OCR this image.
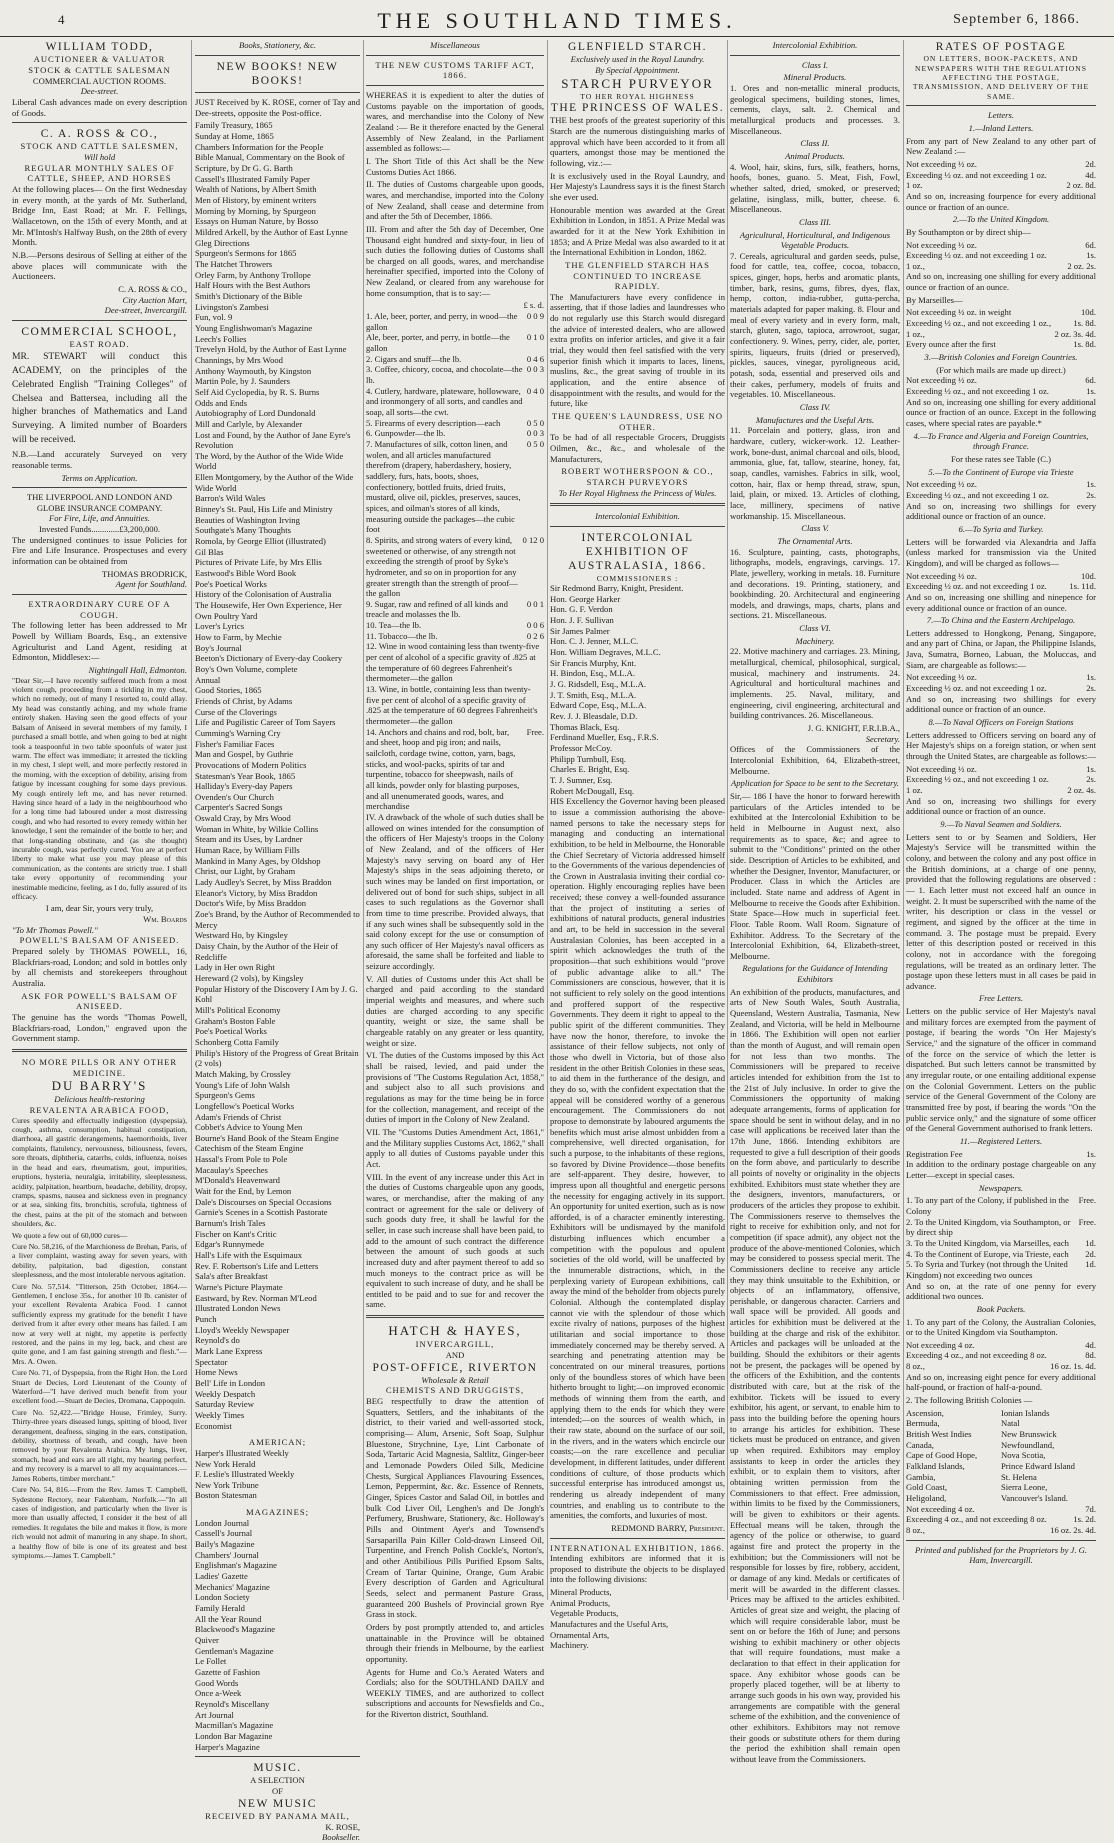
4	THE SOUTHLAND TIMES.	September 6, 1866.
WILLIAM TODD,
AUCTIONEER & VALUATOR
STOCK & CATTLE SALESMAN
COMMERCIAL AUCTION ROOMS.
Dee-street.

Liberal Cash advances made on every description of Goods.

C. A. ROSS & CO.,
STOCK AND CATTLE SALESMEN,
Will hold
REGULAR MONTHLY SALES OF CATTLE, SHEEP, AND HORSES

At the following places— On the first Wednesday in every month, at the yards of Mr. Sutherland, Bridge Inn, East Road; at Mr. F. Fellings, Wallacetown, on the 15th of every Month, and at Mr. M'Intosh's Halfway Bush, on the 28th of every Month.

N.B.—Persons desirous of Selling at either of the above places will communicate with the Auctioneers.

C. A. ROSS & CO.,
City Auction Mart,
Dee-street, Invercargill.
COMMERCIAL SCHOOL,
EAST ROAD.

MR. STEWART will conduct this ACADEMY, on the principles of the Celebrated English "Training Colleges" of Chelsea and Battersea, including all the higher branches of Mathematics and Land Surveying. A limited number of Boarders will be received.

N.B.—Land accurately Surveyed on very reasonable terms.

Terms on Application.
THE LIVERPOOL AND LONDON AND GLOBE INSURANCE COMPANY.
For Fire, Life, and Annuities.
Invested Funds.............£3,200,000.

The undersigned continues to issue Policies for Fire and Life Insurance. Prospectuses and every information can be obtained from

THOMAS BRODRICK,
Agent for Southland.
EXTRAORDINARY CURE OF A COUGH.

The following letter has been addressed to Mr Powell by William Boards, Esq., an extensive Agriculturist and Land Agent, residing at Edmonton, Middlesex:—

Nightingall Hall, Edmonton.

"Dear Sir,—I have recently suffered much from a most violent cough, proceeding from a tickling in my chest, which no remedy, out of many I resorted to, could allay. My head was constantly aching, and my whole frame entirely shaken. Having seen the good effects of your Balsam of Aniseed in several members of my family, I purchased a small bottle, and when going to bed at night took a teaspoonful in two table spoonfuls of water just warm. The effect was immediate; it arrested the tickling in my chest, I slept well, and more perfectly restored in the morning, with the exception of debility, arising from fatigue by incessant coughing for some days previous. My cough entirely left me, and has never returned. Having since heard of a lady in the neighbourhood who for a long time had laboured under a most distressing cough, and who had resorted to every remedy within her knowledge, I sent the remainder of the bottle to her; and that long-standing obstinate, and (as she thought) incurable cough, was perfectly cured. You are at perfect liberty to make what use you may please of this communication, as the contents are strictly true. I shall take every opportunity of recommending your inestimable medicine, feeling, as I do, fully assured of its efficacy.

I am, dear Sir, yours very truly,
Wm. Boards
"To Mr Thomas Powell."
POWELL'S BALSAM OF ANISEED.

Prepared solely by THOMAS POWELL, 16, Blackfriars-road, London; and sold in bottles only by all chemists and storekeepers throughout Australia.

ASK FOR POWELL'S BALSAM OF ANISEED.

The genuine has the words "Thomas Powell, Blackfriars-road, London," engraved upon the Government stamp.

NO MORE PILLS OR ANY OTHER MEDICINE.
DU BARRY'S
Delicious health-restoring
REVALENTA ARABICA FOOD,

Cures speedily and effectually indigestion (dyspepsia), cough, asthma, consumption, habitual constipation, diarrhoea, all gastric derangements, haemorrhoids, liver complaints, flatulency, nervousness, biliousness, fevers, sore throats, diphtheria, catarrhs, colds, influenza, noises in the head and ears, rheumatism, gout, impurities, eruptions, hysteria, neuralgia, irritability, sleeplessness, acidity, palpitation, heartburn, headache, debility, dropsy, cramps, spasms, nausea and sickness even in pregnancy or at sea, sinking fits, bronchitis, scrofula, tightness of the chest, pains at the pit of the stomach and between shoulders, &c.

We quote a few out of 60,000 cures—

Cure No. 58,216, of the Marchioness de Brehan, Paris, of a liver complaint, wasting away for seven years, with debility, palpitation, bad digestion, constant sleeplessness, and the most intolerable nervous agitation.

Cure No. 57,514. "Titterson, 25th October, 1864.—Gentlemen, I enclose 35s., for another 10 lb. canister of your excellent Revalenta Arabica Food. I cannot sufficiently express my gratitude for the benefit I have derived from it after every other means has failed. I am now at very well at night, my appetite is perfectly restored, and the pains in my leg, back, and chest are quite gone, and I am fast gaining strength and flesh."—Mrs. A. Owen.

Cure No. 71, of Dyspepsia, from the Right Hon. the Lord Stuart de Decies, Lord Lieutenant of the County of Waterford—"I have derived much benefit from your excellent food.—Stuart de Decies, Dromana, Cappoquin.

Cure No. 52,422.—"Bridge House, Frimley, Surry. Thirty-three years diseased lungs, spitting of blood, liver derangement, deafness, singing in the ears, constipation, debility, shortness of breath, and cough, have been removed by your Revalenta Arabica. My lungs, liver, stomach, head and ears are all right, my hearing perfect, and my recovery is a marvel to all my acquaintances.—James Roberts, timber merchant."

Cure No. 54, 816.—From the Rev. James T. Campbell, Sydestone Rectory, near Fakenham, Norfolk.—"In all cases of indigestion, and particularly when the liver is more than usually affected, I consider it the best of all remedies. It regulates the bile and makes it flow, is more rich would not admit of manuring in any shape. In short, a healthy flow of bile is one of its greatest and best symptoms.—James T. Campbell."

Books, Stationery, &c.
NEW BOOKS! NEW BOOKS!

JUST Received by K. ROSE, corner of Tay and Dee-streets, opposite the Post-office.

Family Treasury, 1865
Sunday at Home, 1865
Chambers Information for the People
Bible Manual, Commentary on the Book of Scripture, by Dr G. G. Barth
Cassell's Illustrated Family Paper
Wealth of Nations, by Albert Smith
Men of History, by eminent writers
Morning by Morning, by Spurgeon
Essays on Human Nature, by Bosso
Mildred Arkell, by the Author of East Lynne
Gleg Directions
Spurgeon's Sermons for 1865
The Hatchet Throwers
Orley Farm, by Anthony Trollope
Half Hours with the Best Authors
Smith's Dictionary of the Bible
Livingston's Zambesi
Fun, vol. 9
Young Englishwoman's Magazine
Leech's Follies
Trevelyn Hold, by the Author of East Lynne
Channings, by Mrs Wood
Anthony Waymouth, by Kingston
Martin Pole, by J. Saunders
Self Aid Cyclopedia, by R. S. Burns
Odds and Ends
Autobiography of Lord Dundonald
Mill and Carlyle, by Alexander
Lost and Found, by the Author of Jane Eyre's Revolution
The Word, by the Author of the Wide Wide World
Ellen Montgomery, by the Author of the Wide Wide World
Barron's Wild Wales
Binney's St. Paul, His Life and Ministry
Beauties of Washington Irving
Southgate's Many Thoughts
Romola, by George Elliot (illustrated)
Gil Blas
Pictures of Private Life, by Mrs Ellis
Eastwood's Bible Word Book
Poe's Poetical Works
History of the Colonisation of Australia
The Housewife, Her Own Experience, Her Own Poultry Yard
Lover's Lyrics
How to Farm, by Mechie
Boy's Journal
Beeton's Dictionary of Every-day Cookery
Boy's Own Volume, complete
Annual
Good Stories, 1865
Friends of Christ, by Adams
Curse of the Cloverings
Life and Pugilistic Career of Tom Sayers
Cumming's Warning Cry
Fisher's Familiar Faces
Man and Gospel, by Guthrie
Provocations of Modern Politics
Statesman's Year Book, 1865
Halliday's Every-day Papers
Ovenden's Our Church
Carpenter's Sacred Songs
Oswald Cray, by Mrs Wood
Woman in White, by Wilkie Collins
Steam and its Uses, by Lardner
Human Race, by William Fills
Mankind in Many Ages, by Oldshop
Christ, our Light, by Graham
Lady Audley's Secret, by Miss Braddon
Eleanor's Victory, by Miss Braddon
Doctor's Wife, by Miss Braddon
Zoe's Brand, by the Author of Recommended to Mercy
Westward Ho, by Kingsley
Daisy Chain, by the Author of the Heir of Redcliffe
Lady in Her own Right
Hereward (2 vols), by Kingsley
Popular History of the Discovery I Am by J. G. Kohl
Mill's Political Economy
Graham's Boston Fable
Poe's Poetical Works
Schonberg Cotta Family
Philip's History of the Progress of Great Britain (2 vols)
Match Making, by Crossley
Young's Life of John Walsh
Spurgeon's Gems
Longfellow's Poetical Works
Adam's Friends of Christ
Cobbet's Advice to Young Men
Bourne's Hand Book of the Steam Engine
Catechism of the Steam Engine
Hassal's From Pole to Pole
Macaulay's Speeches
M'Donald's Heavenward
Wait for the End, by Lemon
Dale's Discourses on Special Occasions
Garnie's Scenes in a Scottish Pastorate
Barnum's Irish Tales
Fischer on Kant's Critic
Edgar's Runnymede
Hall's Life with the Esquimaux
Rev. F. Robertson's Life and Letters
Sala's after Breakfast
Warne's Picture Playmate
Eastward, by Rev. Norman M'Leod
Illustrated London News
Punch
Lloyd's Weekly Newspaper
Reynold's do
Mark Lane Express
Spectator
Home News
Bell' Life in London
Weekly Despatch
Saturday Review
Weekly Times
Economist
AMERICAN;
Harper's Illustrated Weekly
New York Herald
F. Leslie's Illustrated Weekly
New York Tribune
Boston Statesman
MAGAZINES;
London Journal
Cassell's Journal
Baily's Magazine
Chambers' Journal
Englishman's Magazine
Ladies' Gazette
Mechanics' Magazine
London Society
Family Herald
All the Year Round
Blackwood's Magazine
Quiver
Gentleman's Magazine
Le Follet
Gazette of Fashion
Good Words
Once a-Week
Reynold's Miscellany
Art Journal
Macmillan's Magazine
London Bar Magazine
Harper's Magazine
MUSIC.
A SELECTION
OF
NEW MUSIC
RECEIVED BY PANAMA MAIL,
K. ROSE,
Bookseller.
Miscellaneous
THE NEW CUSTOMS TARIFF ACT, 1866.

WHEREAS it is expedient to alter the duties of Customs payable on the importation of goods, wares, and merchandise into the Colony of New Zealand :— Be it therefore enacted by the General Assembly of New Zealand, in the Parliament assembled as follows:—

I. The Short Title of this Act shall be the New Customs Duties Act 1866.

II. The duties of Customs chargeable upon goods, wares, and merchandise, imported into the Colony of New Zealand, shall cease and determine from and after the 5th of December, 1866.

III. From and after the 5th day of December, One Thousand eight hundred and sixty-four, in lieu of such duties the following duties of Customs shall be charged on all goods, wares, and merchandise hereinafter specified, imported into the Colony of New Zealand, or cleared from any warehouse for home consumption, that is to say:—

£ s. d.
1. Ale, beer, porter, and perry, in wood—the gallon
0 0 9
Ale, beer, porter, and perry, in bottle—the gallon
0 1 0
2. Cigars and snuff—the lb.	0 4 6
3. Coffee, chicory, cocoa, and chocolate—the lb.
0 0 3
4. Cutlery, hardware, plateware, hollowware, and ironmongery of all sorts, and candles and soap, all sorts—the cwt.
0 4 0
5. Firearms of every description—each	0 5 0
6. Gunpowder—the lb.	0 0 3
7. Manufactures of silk, cotton linen, and wolen, and all articles manufactured therefrom (drapery, haberdashery, hosiery, saddlery, furs, hats, boots, shoes, confectionery, bottled fruits, dried fruits, mustard, olive oil, pickles, preserves, sauces, spices, and oilman's stores of all kinds, measuring outside the packages—the cubic foot
0 5 0
8. Spirits, and strong waters of every kind, sweetened or otherwise, of any strength not exceeding the strength of proof by Syke's hydrometer, and so on in proportion for any greater strength than the strength of proof—the gallon
0 12 0
9. Sugar, raw and refined of all kinds and treacle and molasses the lb.
0 0 1
10. Tea—the lb.	0 0 6
11. Tobacco—the lb.	0 2 6
12. Wine in wood containing less than twenty-five per cent of alcohol of a specific gravity of .825 at the temperature of 60 degrees Fahrenheit's thermometer—the gallon
13. Wine, in bottle, containing less than twenty-five per cent of alcohol of a specific gravity of .825 at the temperature of 60 degrees Fahrenheit's thermometer—the gallon
14. Anchors and chains and rod, bolt, bar, and sheet, hoop and pig iron; and nails, sailcloth, cordage twine, cotton, yarn, bags, sticks, and wool-packs, spirits of tar and turpentine, tobacco for sheepwash, nails of all kinds, powder only for blasting purposes, and all unenumerated goods, wares, and merchandise
Free.

IV. A drawback of the whole of such duties shall be allowed on wines intended for the consumption of the officers of Her Majesty's troops in the Colony of New Zealand, and of the officers of Her Majesty's navy serving on board any of Her Majesty's ships in the seas adjoining thereto, or such wines may be landed on first importation, or delivered out of bond for such ships, subject in all cases to such regulations as the Governor shall from time to time prescribe. Provided always, that if any such wines shall be subsequently sold in the said colony except for the use or consumption of any such officer of Her Majesty's naval officers as aforesaid, the same shall be forfeited and liable to seizure accordingly.

V. All duties of Customs under this Act shall be charged and paid according to the standard imperial weights and measures, and where such duties are charged according to any specific quantity, weight or size, the same shall be chargeable ratably on any greater or less quantity, weight or size.

VI. The duties of the Customs imposed by this Act shall be raised, levied, and paid under the provisions of "The Customs Regulation Act, 1858," and subject also to all such provisions and regulations as may for the time being be in force for the collection, management, and receipt of the duties of import in the Colony of New Zealand.

VII. The "Customs Duties Amendment Act, 1861," and the Military supplies Customs Act, 1862," shall apply to all duties of Customs payable under this Act.

VIII. In the event of any increase under this Act in the duties of Customs chargeable upon any goods, wares, or merchandise, after the making of any contract or agreement for the sale or delivery of such goods duty free, it shall be lawful for the seller, in case such increase shall have been paid, to add to the amount of such contract the difference between the amount of such goods at such increased duty and after payment thereof to add so much moneys to the contract price as will be equivalent to such increase of duty, and he shall be entitled to be paid and to sue for and recover the same.

HATCH & HAYES,
INVERCARGILL,
AND
POST-OFFICE, RIVERTON
Wholesale & Retail
CHEMISTS AND DRUGGISTS,

BEG respectfully to draw the attention of Squatters, Settlers, and the inhabitants of the district, to their varied and well-assorted stock, comprising— Alum, Arsenic, Soft Soap, Sulphur Bluestone, Strychnine, Lye, Lint Carbonate of Soda, Tartaric Acid Magnesia, Saltlitz, Ginger-beer and Lemonade Powders Oiled Silk, Medicine Chests, Surgical Appliances Flavouring Essences, Lemon, Peppermint, &c. &c. Essence of Rennets, Ginger, Spices Castor and Salad Oil, in bottles and bulk Cod Liver Oil, Lenghen's and De Jongh's Perfumery, Brushware, Stationery, &c. Holloway's Pills and Ointment Ayer's and Townsend's Sarsaparilla Pain Killer Cold-drawn Linseed Oil, Turpentine, and French Polish Cockle's, Norton's, and other Antibilious Pills Purified Epsom Salts, Cream of Tartar Quinine, Orange, Gum Arabic Every description of Garden and Agricultural Seeds, select and permanent Pasture Grass, guaranteed 200 Bushels of Provincial grown Rye Grass in stock.

Orders by post promptly attended to, and articles unattainable in the Province will be obtained through their friends in Melbourne, by the earliest opportunity.

Agents for Hume and Co.'s Aerated Waters and Cordials; also for the SOUTHLAND DAILY and WEEKLY TIMES, and are authorized to collect subscriptions and accounts for Newsfields and Co., for the Riverton district, Southland.

GLENFIELD STARCH.
Exclusively used in the Royal Laundry.
By Special Appointment.
STARCH PURVEYOR
TO HER ROYAL HIGHNESS
THE PRINCESS OF WALES.

THE best proofs of the greatest superiority of this Starch are the numerous distinguishing marks of approval which have been accorded to it from all quarters, amongst those may be mentioned the following, viz.:—

It is exclusively used in the Royal Laundry, and Her Majesty's Laundress says it is the finest Starch she ever used.

Honourable mention was awarded at the Great Exhibition in London, in 1851. A Prize Medal was awarded for it at the New York Exhibition in 1853; and A Prize Medal was also awarded to it at the International Exhibition in London, 1862.

THE GLENFIELD STARCH HAS CONTINUED TO INCREASE RAPIDLY.

The Manufacturers have every confidence in asserting, that if those ladies and laundresses who do not regularly use this Starch would disregard the advice of interested dealers, who are allowed extra profits on inferior articles, and give it a fair trial, they would then feel satisfied with the very superior finish which it imparts to laces, linens, muslins, &c., the great saving of trouble in its application, and the entire absence of disappointment with the results, and would for the future, like

THE QUEEN'S LAUNDRESS, USE NO OTHER.

To be had of all respectable Grocers, Druggists Oilmen, &c., &c., and wholesale of the Manufacturers,

ROBERT WOTHERSPOON & CO., STARCH PURVEYORS
To Her Royal Highness the Princess of Wales.
Intercolonial Exhibition.
INTERCOLONIAL EXHIBITION OF AUSTRALASIA, 1866.
COMMISSIONERS :
Sir Redmond Barry, Knight, President.
Hon. George Harker
Hon. G. F. Verdon
Hon. J. F. Sullivan
Sir James Palmer
Hon. C. J. Jenner, M.L.C.
Hon. William Degraves, M.L.C.
Sir Francis Murphy, Knt.
H. Bindon, Esq., M.L.A.
J. G. Ridsdell, Esq., M.L.A.
J. T. Smith, Esq., M.L.A.
Edward Cope, Esq., M.L.A.
Rev. J. J. Bleasdale, D.D.
Thomas Black, Esq.
Ferdinand Mueller, Esq., F.R.S.
Professor McCoy.
Philipp Turnbull, Esq.
Charles E. Bright, Esq.
T. J. Sumner, Esq.
Robert McDougall, Esq.

HIS Excellency the Governor having been pleased to issue a commission authorising the above-named persons to take the necessary steps for managing and conducting an international exhibition, to be held in Melbourne, the Honorable the Chief Secretary of Victoria addressed himself to the Governments of the various dependencies of the Crown in Australasia inviting their cordial co-operation. Highly encouraging replies have been received; these convey a well-founded assurance that the project of instituting a series of exhibitions of natural products, general industries and art, to be held in succession in the several Australasian Colonies, has been accepted in a spirit which acknowledges the truth of the proposition—that such exhibitions would "prove of public advantage alike to all." The Commissioners are conscious, however, that it is not sufficient to rely solely on the good intentions and proffered support of the respective Governments. They deem it right to appeal to the public spirit of the different communities. They have now the honor, therefore, to invoke the assistance of their fellow subjects, not only of those who dwell in Victoria, but of those also resident in the other British Colonies in these seas, to aid them in the furtherance of the design, and they do so, with the confident expectation that the appeal will be considered worthy of a generous encouragement. The Commissioners do not propose to demonstrate by laboured arguments the benefits which must arise almost unbidden from a comprehensive, well directed organisation, for such a purpose, to the inhabitants of these regions, so favored by Divine Providence—those benefits are self-apparent. They desire, however, to impress upon all thoughtful and energetic persons the necessity for engaging actively in its support. An opportunity for united exertion, such as is now afforded, is of a character eminently interesting. Exhibitors will be undismayed by the manifold disturbing influences which encumber a competition with the populous and opulent societies of the old world, will be unaffected by the innumerable distractions, which, in the perplexing variety of European exhibitions, call away the mind of the beholder from objects purely Colonial. Although the contemplated display cannot vie with the splendour of those which excite rivalry of nations, purposes of the highest utilitarian and social importance to those immediately concerned may be thereby served. A searching and penetrating attention may be concentrated on our mineral treasures, portions only of the boundless stores of which have been hitherto brought to light;—on improved economic methods of winning them from the earth, and applying them to the ends for which they were intended;—on the sources of wealth which, in their raw state, abound on the surface of our soil, in the rivers, and in the waters which encircle our coasts;—on the rare excellence and peculiar development, in different latitudes, under different conditions of culture, of those products which successful enterprise has introduced amongst us, rendering us already independent of many countries, and enabling us to contribute to the amenities, the comforts, and luxuries of most.

REDMOND BARRY, President.
INTERNATIONAL EXHIBITION, 1866.

Intending exhibitors are informed that it is proposed to distribute the objects to be displayed into the following divisions:

Mineral Products,
Animal Products,
Vegetable Products,
Manufactures and the Useful Arts,
Ornamental Arts,
Machinery.
Intercolonial Exhibition.
Class I.
Mineral Products.

1. Ores and non-metallic mineral products, geological specimens, building stones, limes, cements, clays, salt. 2. Chemical and metallurgical products and processes. 3. Miscellaneous.

Class II.
Animal Products.

4. Wool, hair, skins, furs, silk, feathers, horns, hoofs, bones, guano. 5. Meat, Fish, Fowl, whether salted, dried, smoked, or preserved; gelatine, isinglass, milk, butter, cheese. 6. Miscellaneous.

Class III.
Agricultural, Horticultural, and Indigenous Vegetable Products.

7. Cereals, agricultural and garden seeds, pulse, food for cattle, tea, coffee, cocoa, tobacco, spices, ginger, hops, herbs and aromatic plants, timber, bark, resins, gums, fibres, dyes, flax, hemp, cotton, india-rubber, gutta-percha, materials adapted for paper making. 8. Flour and meal of every variety and in every form, malt, starch, gluten, sago, tapioca, arrowroot, sugar, confectionery. 9. Wines, perry, cider, ale, porter, spirits, liqueurs, fruits (dried or preserved), pickles, sauces, vinegar, pyroligneous acid, potash, soda, essential and preserved oils and their cakes, perfumery, models of fruits and vegetables. 10. Miscellaneous.

Class IV.
Manufactures and the Useful Arts.

11. Porcelain and pottery, glass, iron and hardware, cutlery, wicker-work. 12. Leather-work, bone-dust, animal charcoal and oils, blood, ammonia, glue, fat, tallow, stearine, honey, fat, soap, candles, varnishes. Fabrics in silk, wool, cotton, hair, flax or hemp thread, straw, spun, laid, plain, or mixed. 13. Articles of clothing, lace, millinery, specimens of native workmanship. 15. Miscellaneous.

Class V.
The Ornamental Arts.

16. Sculpture, painting, casts, photographs, lithographs, models, engravings, carvings. 17. Plate, jewellery, working in metals. 18. Furniture and decorations. 19. Printing, stationery, and bookbinding. 20. Architectural and engineering models, and drawings, maps, charts, plans and sections. 21. Miscellaneous.

Class VI.
Machinery.

22. Motive machinery and carriages. 23. Mining, metallurgical, chemical, philosophical, surgical, musical, machinery and instruments. 24. Agricultural and horticultural machines and implements. 25. Naval, military, and engineering, civil engineering, architectural and building contrivances. 26. Miscellaneous.

J. G. KNIGHT, F.R.I.B.A.,
Secretary.

Offices of the Commissioners of the Intercolonial Exhibition, 64, Elizabeth-street, Melbourne.

Application for Space to be sent to the Secretary.

Sir,— 186 I have the honor to forward herewith particulars of the Articles intended to be exhibited at the Intercolonial Exhibition to be held in Melbourne in August next, also requirements as to space, &c; and agree to submit to the "Conditions" printed on the other side. Description of Articles to be exhibited, and whether the Designer, Inventor, Manufacturer, or Producer. Class in which the Articles are included. State name and address of Agent in Melbourne to receive the Goods after Exhibition. State Space—How much in superficial feet. Floor. Table Room. Wall Room. Signature of Exhibitor. Address. To the Secretary of the Intercolonial Exhibition, 64, Elizabeth-street, Melbourne.

Regulations for the Guidance of Intending Exhibitors

An exhibition of the products, manufactures, and arts of New South Wales, South Australia, Queensland, Western Australia, Tasmania, New Zealand, and Victoria, will be held in Melbourne in 1866. The Exhibition will open not earlier than the month of August, and will remain open for not less than two months. The Commissioners will be prepared to receive articles intended for exhibition from the 1st to the 21st of July inclusive. In order to give the Commissioners the opportunity of making adequate arrangements, forms of application for space should be sent in without delay, and in no case will applications be received later than the 17th June, 1866. Intending exhibitors are requested to give a full description of their goods on the form above, and particularly to describe all points of novelty or originality in the objects exhibited. Exhibitors must state whether they are the designers, inventors, manufacturers, or producers of the articles they propose to exhibit. The Commissioners reserve to themselves the right to receive for exhibition only, and not for competition (if space admit), any object not the produce of the above-mentioned Colonies, which may be considered to possess special merit. The Commissioners decline to receive any article they may think unsuitable to the Exhibition, or objects of an inflammatory, offensive, perishable, or dangerous character. Carriers and wall space will be provided. All goods and articles for exhibition must be delivered at the building at the charge and risk of the exhibitor. Articles and packages will be unloaded at the building. Should the exhibitors or their agents not be present, the packages will be opened by the officers of the Exhibition, and the contents distributed with care, but at the risk of the exhibitor. Tickets will be issued to every exhibitor, his agent, or servant, to enable him to pass into the building before the opening hours to arrange his articles for exhibition. These tickets must be produced on entrance, and given up when required. Exhibitors may employ assistants to keep in order the articles they exhibit, or to explain them to visitors, after obtaining written permission from the Commissioners to that effect. Free admission, within limits to be fixed by the Commissioners, will be given to exhibitors or their agents. Effectual means will be taken, through the agency of the police or otherwise, to guard against fire and protect the property in the exhibition; but the Commissioners will not be responsible for losses by fire, robbery, accident, or damage of any kind. Medals or certificates of merit will be awarded in the different classes. Prices may be affixed to the articles exhibited. Articles of great size and weight, the placing of which will require considerable labor, must be sent on or before the 16th of June; and persons wishing to exhibit machinery or other objects that will require foundations, must make a declaration to that effect in their application for space. Any exhibitor whose goods can be properly placed together, will be at liberty to arrange such goods in his own way, provided his arrangements are compatible with the general scheme of the exhibition, and the convenience of other exhibitors. Exhibitors may not remove their goods or substitute others for them during the period the exhibition shall remain open without leave from the Commissioners.

RATES OF POSTAGE
ON LETTERS, BOOK-PACKETS, AND NEWSPAPERS WITH THE REGULATIONS AFFECTING THE POSTAGE, TRANSMISSION, AND DELIVERY OF THE SAME.
Letters.
1.—Inland Letters.

From any part of New Zealand to any other part of New Zealand :—

Not exceeding ½ oz.	2d.
Exceeding ½ oz. and not exceeding 1 oz.	4d.
1 oz.	2 oz. 8d.

And so on, increasing fourpence for every additional ounce or fraction of an ounce.

2.—To the United Kingdom.

By Southampton or by direct ship—

Not exceeding ½ oz.	6d.
Exceeding ½ oz. and not exceeding 1 oz.	1s.
1 oz.,	2 oz. 2s.

And so on, increasing one shilling for every additional ounce or fraction of an ounce.

By Marseilles—

Not exceeding ½ oz. in weight	10d.
Exceeding ½ oz., and not exceeding 1 oz.,	1s. 8d.
1 oz.,	2 oz. 3s. 4d.
Every ounce after the first	1s. 8d.
3.—British Colonies and Foreign Countries.
(For which mails are made up direct.)
Not exceeding ½ oz.	6d.
Exceeding ½ oz., and not exceeding 1 oz.	1s.

And so on, increasing one shilling for every additional ounce or fraction of an ounce. Except in the following cases, where special rates are payable.*

4.—To France and Algeria and Foreign Countries, through France.
For these rates see Table (C.)
5.—To the Continent of Europe via Trieste
Not exceeding ½ oz.	1s.
Exceeding ½ oz., and not exceeding 1 oz.	2s.

And so on, increasing two shillings for every additional ounce or fraction of an ounce.

6.—To Syria and Turkey.

Letters will be forwarded via Alexandria and Jaffa (unless marked for transmission via the United Kingdom), and will be charged as follows—

Not exceeding ½ oz.	10d.
Exceeding ½ oz. and not exceeding 1 oz.	1s. 11d.

And so on, increasing one shilling and ninepence for every additional ounce or fraction of an ounce.

7.—To China and the Eastern Archipelago.

Letters addressed to Hongkong, Penang, Singapore, and any part of China, or Japan, the Philippine Islands, Java, Sumatra, Borneo, Labuan, the Moluccas, and Siam, are chargeable as follows:—

Not exceeding ½ oz.	1s.
Exceeding ½ oz. and not exceeding 1 oz.	2s.

And so on, increasing two shillings for every additional ounce or fraction of an ounce.

8.—To Naval Officers on Foreign Stations

Letters addressed to Officers serving on board any of Her Majesty's ships on a foreign station, or when sent through the United States, are chargeable as follows:—

Not exceeding ½ oz.	1s.
Exceeding ½ oz., and not exceeding 1 oz.	2s.
1 oz.	2 oz. 4s.

And so on, increasing two shillings for every additional ounce or fraction of an ounce.

9.—To Naval Seamen and Soldiers.

Letters sent to or by Seamen and Soldiers, Her Majesty's Service will be transmitted within the colony, and between the colony and any post office in the British dominions, at a charge of one penny, provided that the following regulations are observed :— 1. Each letter must not exceed half an ounce in weight. 2. It must be superscribed with the name of the writer, his description or class in the vessel or regiment, and signed by the officer at the time in command. 3. The postage must be prepaid. Every letter of this description posted or received in this colony, not in accordance with the foregoing regulations, will be treated as an ordinary letter. The postage upon these letters must in all cases be paid in advance.

Free Letters.

Letters on the public service of Her Majesty's naval and military forces are exempted from the payment of postage, if bearing the words "On Her Majesty's Service," and the signature of the officer in command of the force on the service of which the letter is dispatched. But such letters cannot be transmitted by any irregular route, or one entailing additional expense on the Colonial Government. Letters on the public service of the General Government of the Colony are transmitted free by post, if bearing the words "On the public service only," and the signature of some officer of the General Government authorised to frank letters.

11.—Registered Letters.
Registration Fee	1s.

In addition to the ordinary postage chargeable on any Letter—except in special cases.

Newspapers.
1. To any part of the Colony, if published in the Colony
Free.
2. To the United Kingdom, via Southampton, or by direct ship
Free.
3. To the United Kingdom, via Marseilles, each 1d.
4. To the Continent of Europe, via Trieste, each 2d.
5. To Syria and Turkey (not through the United Kingdom) not exceeding two ounces
1d.

And so on, at the rate of one penny for every additional two ounces.

Book Packets.

1. To any part of the Colony, the Australian Colonies, or to the United Kingdom via Southampton.

Not exceeding 4 oz.	4d.
Exceeding 4 oz., and not exceeding 8 oz.	8d.
8 oz.,	16 oz. 1s. 4d.

And so on, increasing eight pence for every additional half-pound, or fraction of half-a-pound.

2. The following British Colonies —

Ascension,
Bermuda,
British West Indies
Canada,
Cape of Good Hope,
Falkland Islands,
Gambia,
Gold Coast,
Heligoland,
Ionian Islands
Natal
New Brunswick
Newfoundland,
Nova Scotia,
Prince Edward Island
St. Helena
Sierra Leone,
Vancouver's Island.
Not exceeding 4 oz.	7d.
Exceeding 4 oz., and not exceeding 8 oz.	1s. 2d.
8 oz.,	16 oz. 2s. 4d.
Printed and published for the Proprietors by J. G. Ham, Invercargill.
